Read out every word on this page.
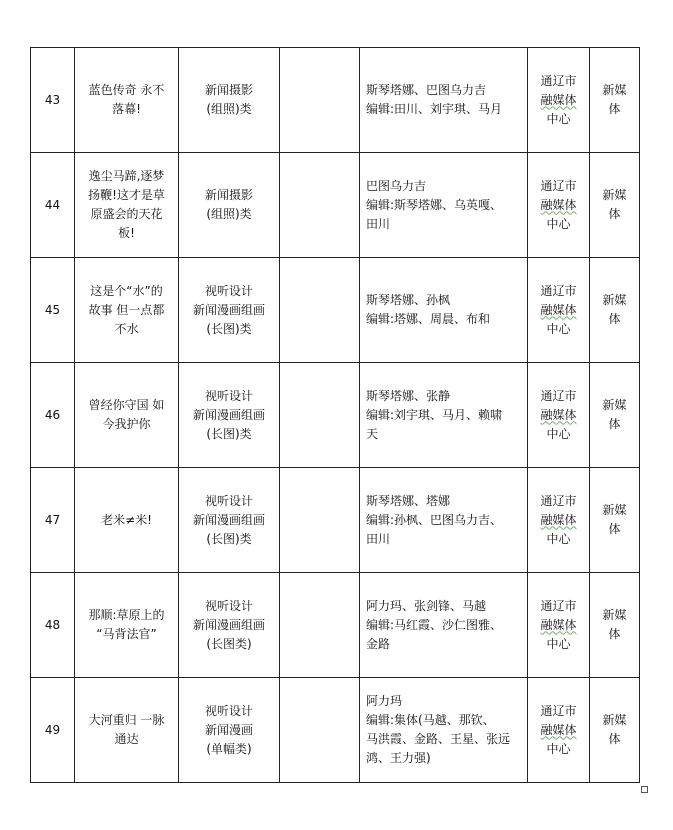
43	蓝色传奇 永不
落幕!	新闻摄影
(组照)类		斯琴塔娜、巴图乌力吉
编辑:田川、刘宇琪、马月	通辽市
融媒体
中心	新媒
体

44	逸尘马蹄,逐梦
扬鞭!这才是草
原盛会的天花
板!	新闻摄影
(组照)类		巴图乌力吉
编辑:斯琴塔娜、乌英嘎、
田川	通辽市
融媒体
中心	新媒
体

45	这是个“水”的
故事 但一点都
不水	视听设计
新闻漫画组画
(长图)类		斯琴塔娜、孙枫
编辑:塔娜、周晨、布和	通辽市
融媒体
中心	新媒
体

46	曾经你守国 如
今我护你	视听设计
新闻漫画组画
(长图)类		斯琴塔娜、张静
编辑:刘宇琪、马月、赖啸
天	通辽市
融媒体
中心	新媒
体

47	老米≠米!	视听设计
新闻漫画组画
(长图)类		斯琴塔娜、塔娜
编辑:孙枫、巴图乌力吉、
田川	通辽市
融媒体
中心	新媒
体

48	那顺:草原上的
“马背法官”	视听设计
新闻漫画组画
(长图类)		阿力玛、张剑锋、马越
编辑:马红霞、沙仁图雅、
金路	通辽市
融媒体
中心	新媒
体

49	大河重归 一脉
通达	视听设计
新闻漫画
(单幅类)		阿力玛
编辑:集体(马越、那钦、
马洪霞、金路、王星、张远
鸿、王力强)	通辽市
融媒体
中心	新媒
体
